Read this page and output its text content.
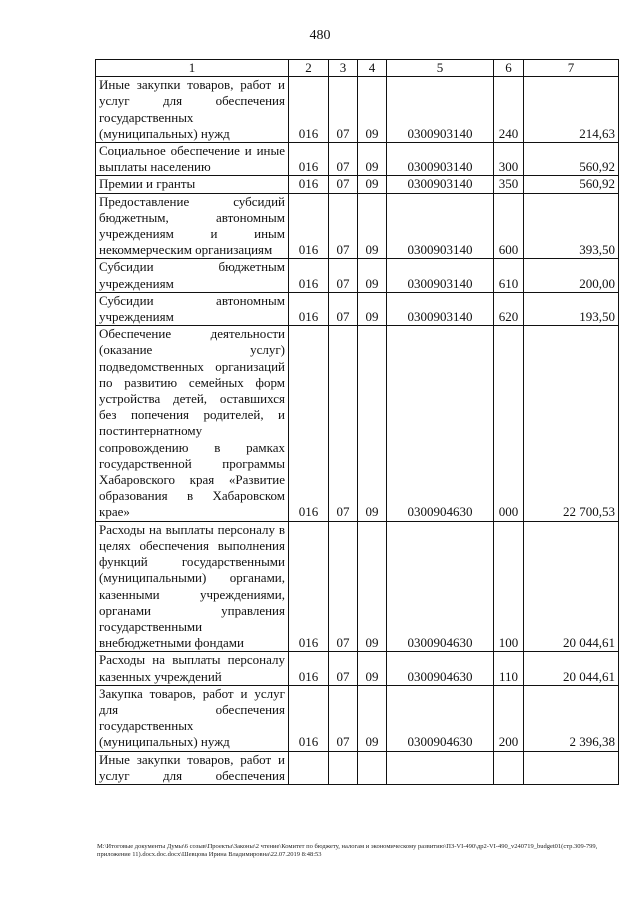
480
1	2	3	4	5	6	7
Иные закупки товаров, работ и услуг для обеспечения государственных (муниципальных) нужд	016	07	09	0300903140	240	214,63
Социальное обеспечение и иные выплаты населению	016	07	09	0300903140	300	560,92
Премии и гранты	016	07	09	0300903140	350	560,92
Предоставление субсидий бюджетным, автономным учреждениям и иным некоммерческим организациям	016	07	09	0300903140	600	393,50
Субсидии бюджетным учреждениям	016	07	09	0300903140	610	200,00
Субсидии автономным учреждениям	016	07	09	0300903140	620	193,50
Обеспечение деятельности (оказание услуг) подведомственных организаций по развитию семейных форм устройства детей, оставшихся без попечения родителей, и постинтернатному сопровождению в рамках государственной программы Хабаровского края «Развитие образования в Хабаровском крае»	016	07	09	0300904630	000	22 700,53
Расходы на выплаты персоналу в целях обеспечения выполнения функций государственными (муниципальными) органами, казенными учреждениями, органами управления государственными внебюджетными фондами	016	07	09	0300904630	100	20 044,61
Расходы на выплаты персоналу казенных учреждений	016	07	09	0300904630	110	20 044,61
Закупка товаров, работ и услуг для обеспечения государственных (муниципальных) нужд	016	07	09	0300904630	200	2 396,38
Иные закупки товаров, работ и услуг для обеспечения						
М:\Итоговые документы Думы\6 созыв\Проекты\Законы\2 чтение\Комитет по бюджету, налогам и экономическому развитию\ПЗ-VI-490\др2-VI-490_v240719_budget01(стр.309-799, приложение 11).docx.doc.docx\Шевцова Ирина Владимировна\22.07.2019 8:48:53
